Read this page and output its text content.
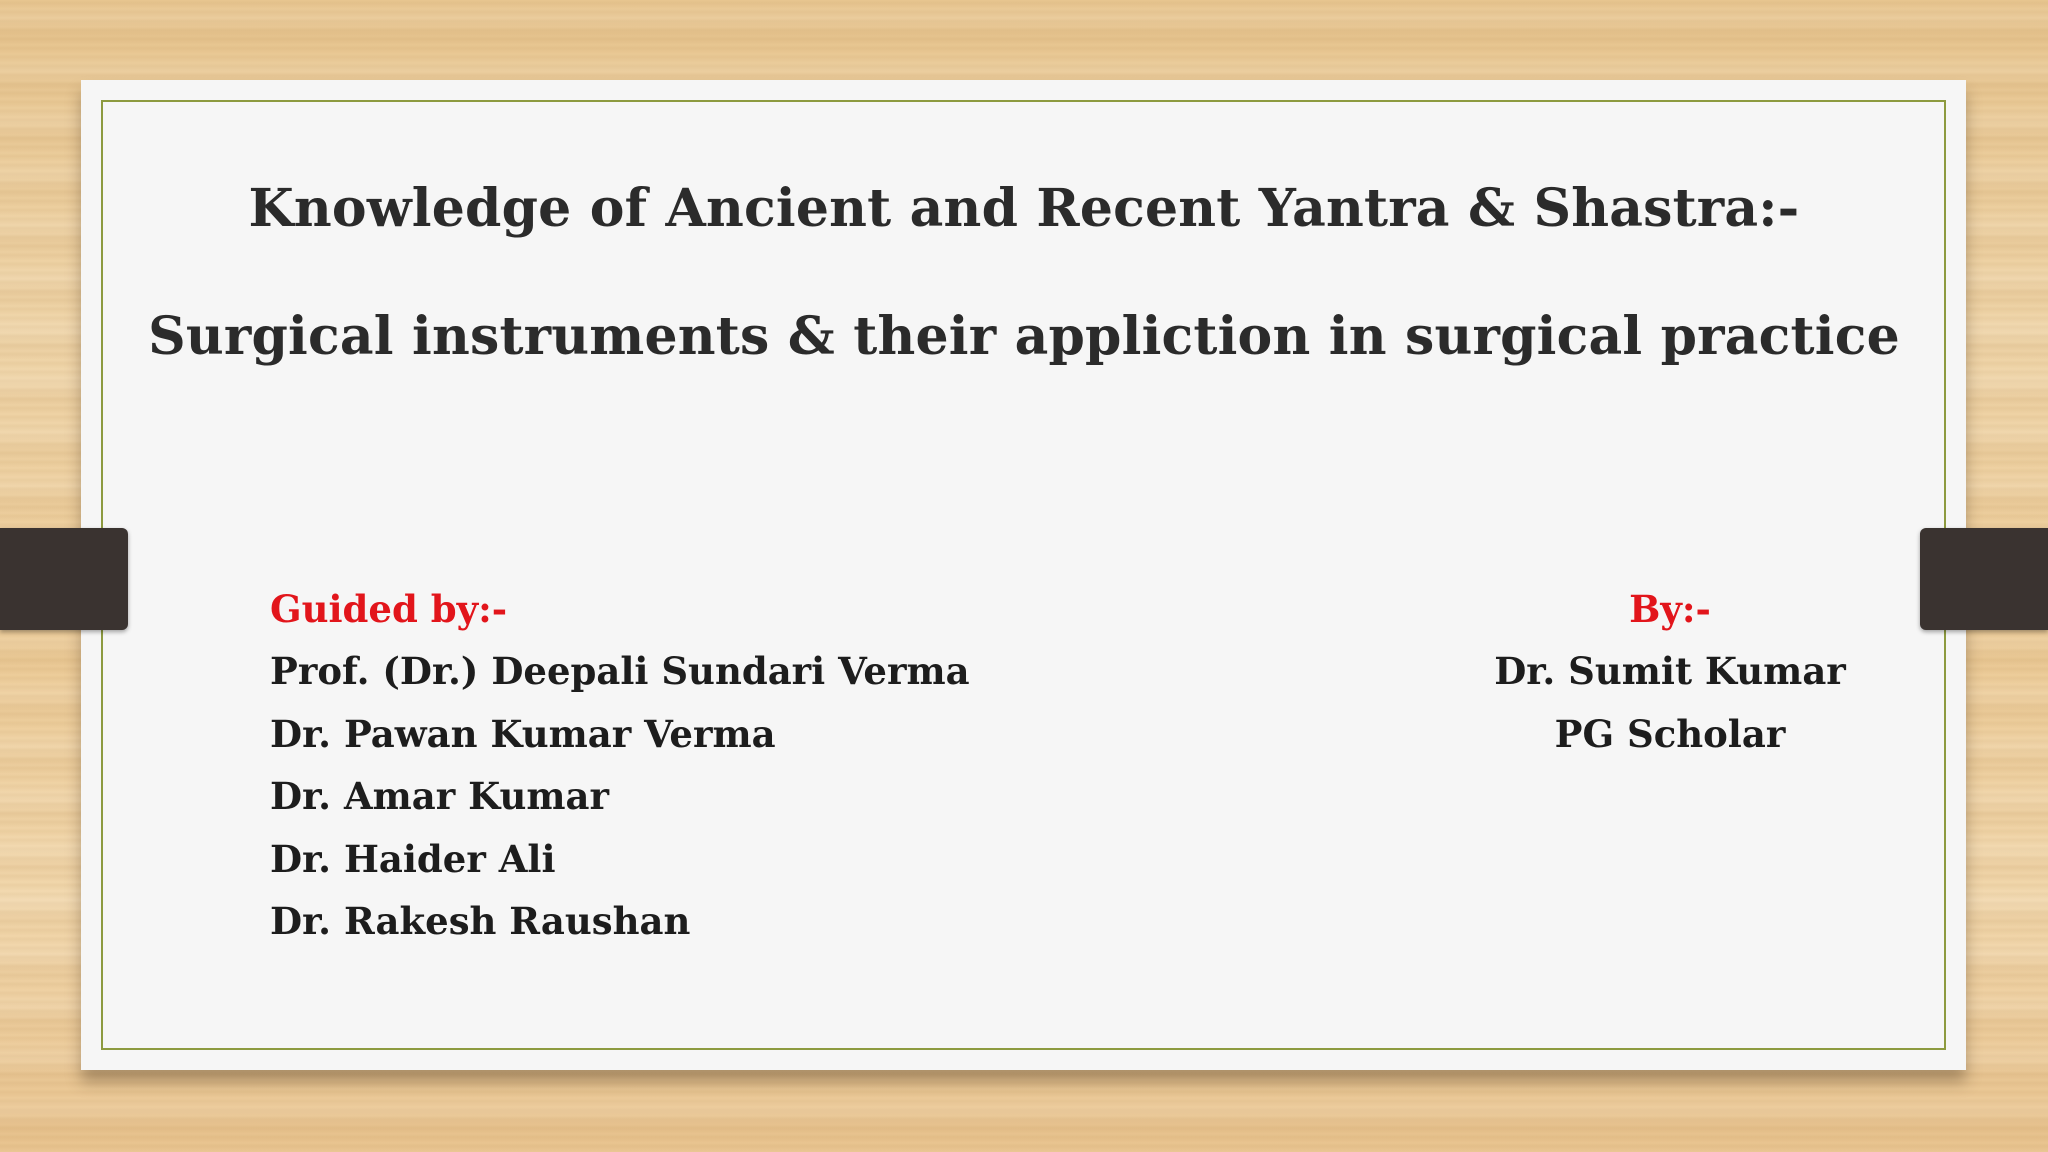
Knowledge of Ancient and Recent Yantra & Shastra:-
Surgical instruments & their appliction in surgical practice

Guided by:-

Prof. (Dr.) Deepali Sundari Verma

Dr. Pawan Kumar Verma

Dr. Amar Kumar

Dr. Haider Ali

Dr. Rakesh Raushan

By:-

Dr. Sumit Kumar

PG Scholar
